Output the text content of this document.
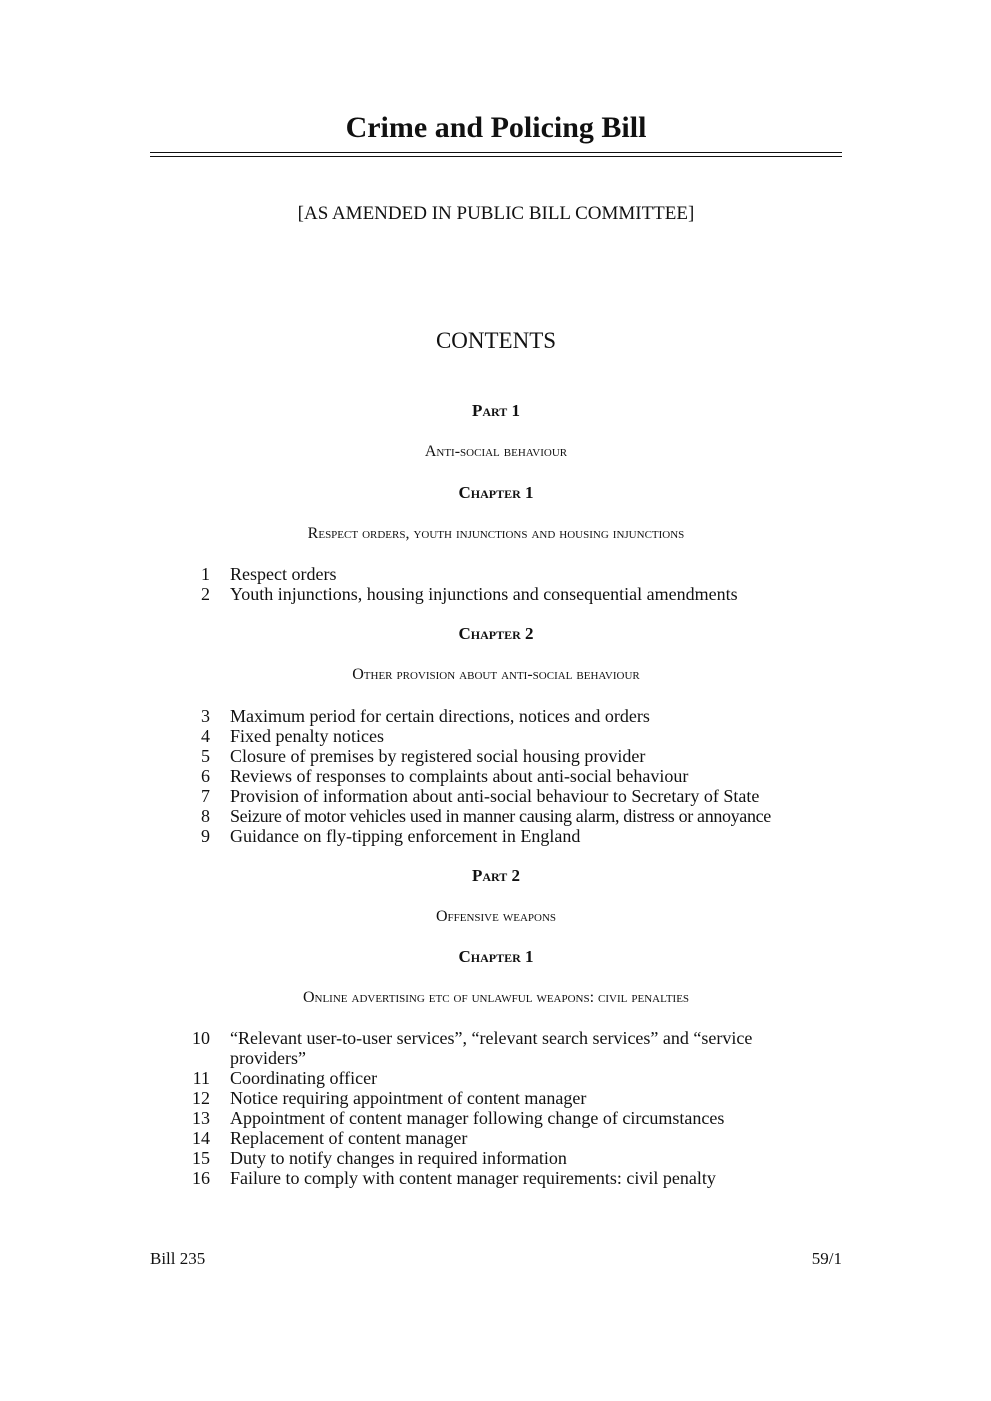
Crime and Policing Bill
[AS AMENDED IN PUBLIC BILL COMMITTEE]
CONTENTS
Part 1
Anti-social behaviour
Chapter 1
Respect orders, youth injunctions and housing injunctions
1 Respect orders
2 Youth injunctions, housing injunctions and consequential amendments
Chapter 2
Other provision about anti-social behaviour
3 Maximum period for certain directions, notices and orders
4 Fixed penalty notices
5 Closure of premises by registered social housing provider
6 Reviews of responses to complaints about anti-social behaviour
7 Provision of information about anti-social behaviour to Secretary of State
8 Seizure of motor vehicles used in manner causing alarm, distress or annoyance
9 Guidance on fly-tipping enforcement in England
Part 2
Offensive weapons
Chapter 1
Online advertising etc of unlawful weapons: civil penalties
10 “Relevant user-to-user services”, “relevant search services” and “service providers”
11 Coordinating officer
12 Notice requiring appointment of content manager
13 Appointment of content manager following change of circumstances
14 Replacement of content manager
15 Duty to notify changes in required information
16 Failure to comply with content manager requirements: civil penalty
Bill 235	59/1
